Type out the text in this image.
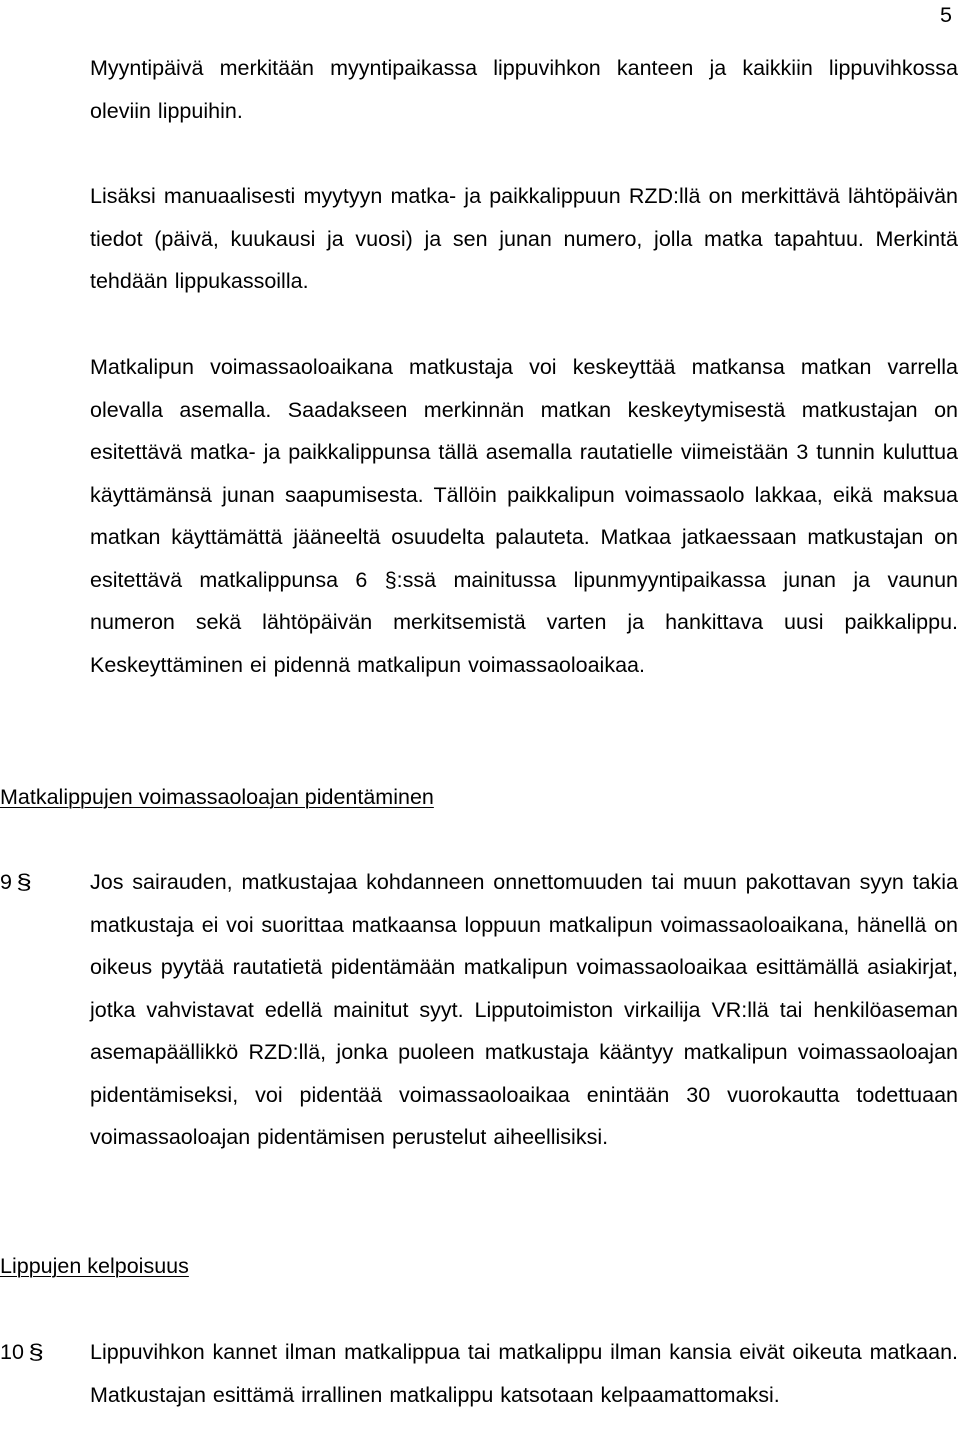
5

Myyntipäivä merkitään myyntipaikassa lippuvihkon kanteen ja kaikkiin lippuvihkossa oleviin lippuihin.

Lisäksi manuaalisesti myytyyn matka- ja paikkalippuun RZD:llä on merkittävä lähtöpäivän tiedot (päivä, kuukausi ja vuosi) ja sen junan numero, jolla matka tapahtuu. Merkintä tehdään lippukassoilla.

Matkalipun voimassaoloaikana matkustaja voi keskeyttää matkansa matkan varrella olevalla asemalla. Saadakseen merkinnän matkan keskeytymisestä matkustajan on esitettävä matka- ja paikkalippunsa tällä asemalla rautatielle viimeistään 3 tunnin kuluttua käyttämänsä junan saapumisesta. Tällöin paikkalipun voimassaolo lakkaa, eikä maksua matkan käyttämättä jääneeltä osuudelta palauteta. Matkaa jatkaessaan matkustajan on esitettävä matkalippunsa 6 §:ssä mainitussa lipunmyyntipaikassa junan ja vaunun numeron sekä lähtöpäivän merkitsemistä varten ja hankittava uusi paikkalippu. Keskeyttäminen ei pidennä matkalipun voimassaoloaikaa.

Matkalippujen voimassaoloajan pidentäminen
9 §	Jos sairauden, matkustajaa kohdanneen onnettomuuden tai muun pakottavan syyn takia matkustaja ei voi suorittaa matkaansa loppuun matkalipun voimassaoloaikana, hänellä on oikeus pyytää rautatietä pidentämään matkalipun voimassaoloaikaa esittämällä asiakirjat, jotka vahvistavat edellä mainitut syyt. Lipputoimiston virkailija VR:llä tai henkilöaseman asemapäällikkö RZD:llä, jonka puoleen matkustaja kääntyy matkalipun voimassaoloajan pidentämiseksi, voi pidentää voimassaoloaikaa enintään 30 vuorokautta todettuaan voimassaoloajan pidentämisen perustelut aiheellisiksi.

Lippujen kelpoisuus
10 § Lippuvihkon kannet ilman matkalippua tai matkalippu ilman kansia eivät oikeuta matkaan. Matkustajan esittämä irrallinen matkalippu katsotaan kelpaamattomaksi.
